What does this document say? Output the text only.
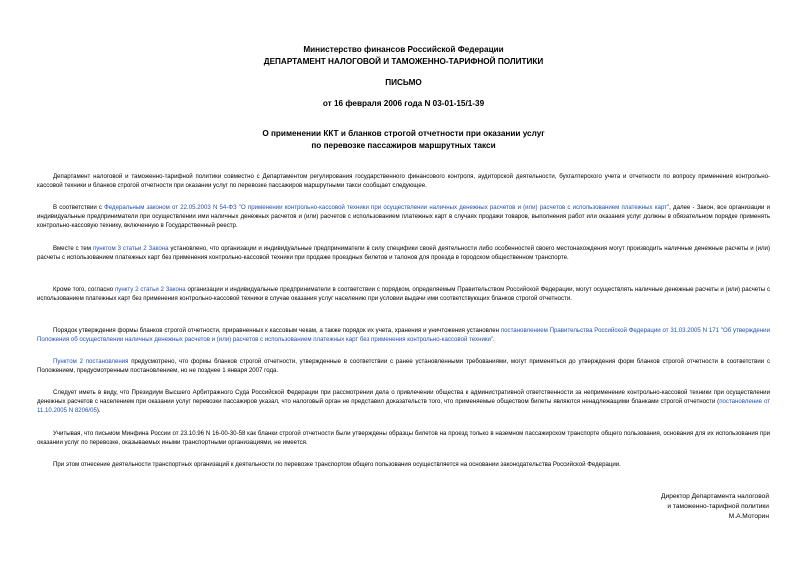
Министерство финансов Российской Федерации
ДЕПАРТАМЕНТ НАЛОГОВОЙ И ТАМОЖЕННО-ТАРИФНОЙ ПОЛИТИКИ
ПИСЬМО
от 16 февраля 2006 года N 03-01-15/1-39
О применении ККТ и бланков строгой отчетности при оказании услуг
по перевозке пассажиров маршрутных такси
Департамент налоговой и таможенно-тарифной политики совместно с Департаментом регулирования государственного финансового контроля, аудиторской деятельности, бухгалтерского учета и отчетности по вопросу применения контрольно-кассовой техники и бланков строгой отчетности при оказании услуг по перевозке пассажиров маршрутными такси сообщает следующее.
В соответствии с Федеральным законом от 22.05.2003 N 54-ФЗ "О применении контрольно-кассовой техники при осуществлении наличных денежных расчетов и (или) расчетов с использованием платежных карт", далее - Закон, все организации и индивидуальные предприниматели при осуществлении ими наличных денежных расчетов и (или) расчетов с использованием платежных карт в случаях продажи товаров, выполнения работ или оказания услуг должны в обязательном порядке применять контрольно-кассовую технику, включенную в Государственный реестр.
Вместе с тем пунктом 3 статьи 2 Закона установлено, что организации и индивидуальные предприниматели в силу специфики своей деятельности либо особенностей своего местонахождения могут производить наличные денежные расчеты и (или) расчеты с использованием платежных карт без применения контрольно-кассовой техники при продаже проездных билетов и талонов для проезда в городском общественном транспорте.
Кроме того, согласно пункту 2 статьи 2 Закона организации и индивидуальные предприниматели в соответствии с порядком, определяемым Правительством Российской Федерации, могут осуществлять наличные денежные расчеты и (или) расчеты с использованием платежных карт без применения контрольно-кассовой техники в случае оказания услуг населению при условии выдачи ими соответствующих бланков строгой отчетности.
Порядок утверждения формы бланков строгой отчетности, приравненных к кассовым чекам, а также порядок их учета, хранения и уничтожения установлен постановлением Правительства Российской Федерации от 31.03.2005 N 171 "Об утверждении Положения об осуществлении наличных денежных расчетов и (или) расчетов с использованием платежных карт без применения контрольно-кассовой техники".
Пунктом 2 постановления предусмотрено, что формы бланков строгой отчетности, утвержденные в соответствии с ранее установленными требованиями, могут применяться до утверждения форм бланков строгой отчетности в соответствии с Положением, предусмотренным постановлением, но не позднее 1 января 2007 года.
Следует иметь в виду, что Президиум Высшего Арбитражного Суда Российской Федерации при рассмотрении дела о привлечении общества к административной ответственности за неприменение контрольно-кассовой техники при осуществлении денежных расчетов с населением при оказании услуг перевозки пассажиров указал, что налоговый орган не представил доказательств того, что применяемые обществом билеты являются ненадлежащими бланками строгой отчетности (постановление от 11.10.2005 N 8206/05).
Учитывая, что письмом Минфина России от 23.10.96 N 16-00-30-58 как бланки строгой отчетности были утверждены образцы билетов на проезд только в наземном пассажирском транспорте общего пользования, основания для их использования при оказании услуг по перевозке, оказываемых иными транспортными организациями, не имеется.
При этом отнесение деятельности транспортных организаций к деятельности по перевозке транспортом общего пользования осуществляется на основании законодательства Российской Федерации.
Директор Департамента налоговой
и таможенно-тарифной политики
М.А.Моторин
